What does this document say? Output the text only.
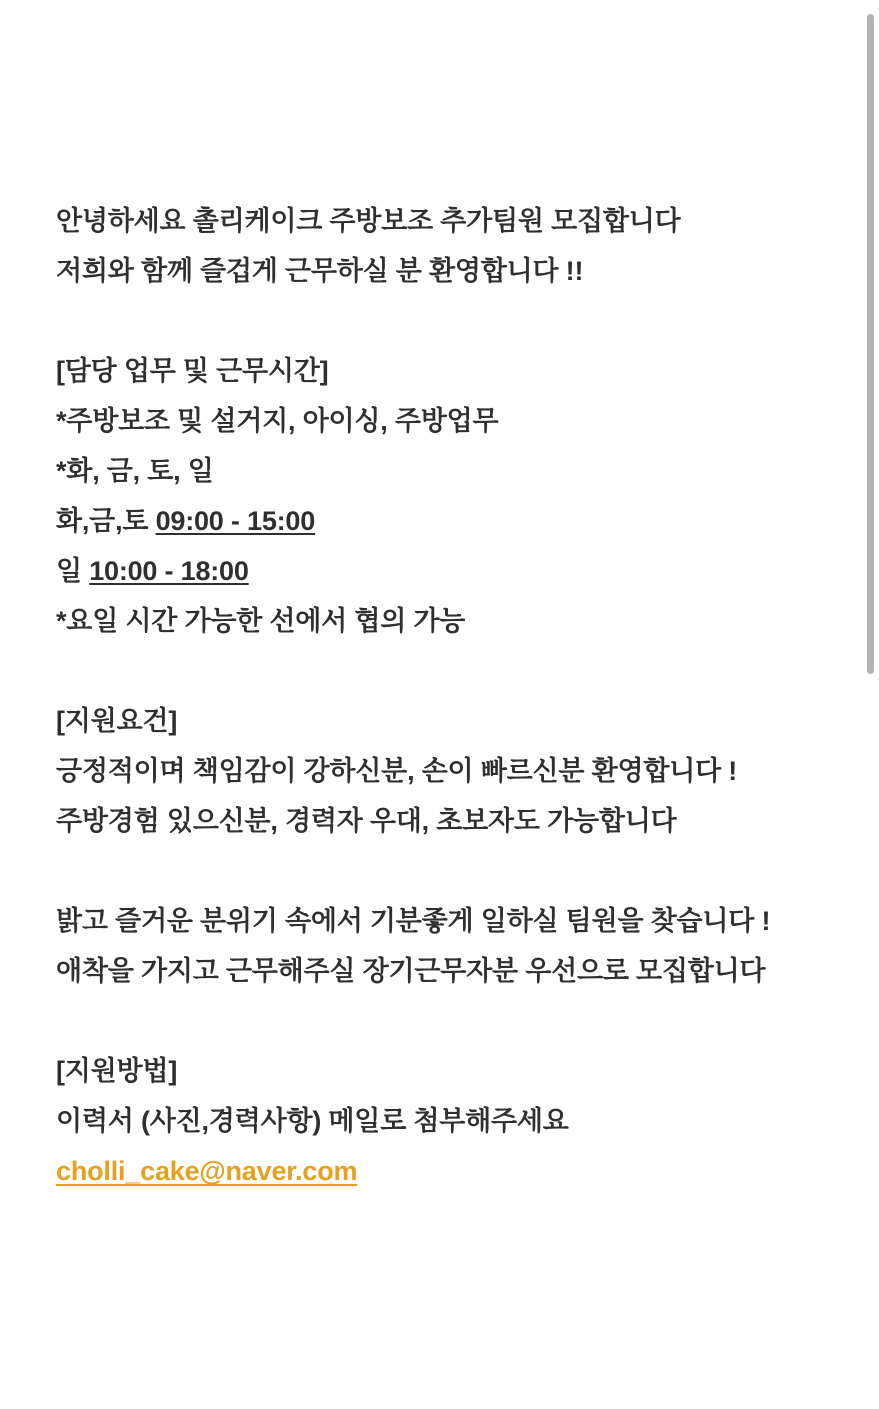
안녕하세요 촐리케이크 주방보조 추가팀원 모집합니다
저희와 함께 즐겁게 근무하실 분 환영합니다 !!
[담당 업무 및 근무시간]
*주방보조 및 설거지, 아이싱, 주방업무
*화, 금, 토, 일
화,금,토 09:00 - 15:00
일 10:00 - 18:00
*요일 시간 가능한 선에서 협의 가능
[지원요건]
긍정적이며 책임감이 강하신분, 손이 빠르신분 환영합니다 !
주방경험 있으신분, 경력자 우대, 초보자도 가능합니다
밝고 즐거운 분위기 속에서 기분좋게 일하실 팀원을 찾습니다 !
애착을 가지고 근무해주실 장기근무자분 우선으로 모집합니다
[지원방법]
이력서 (사진,경력사항) 메일로 첨부해주세요
cholli_cake@naver.com
